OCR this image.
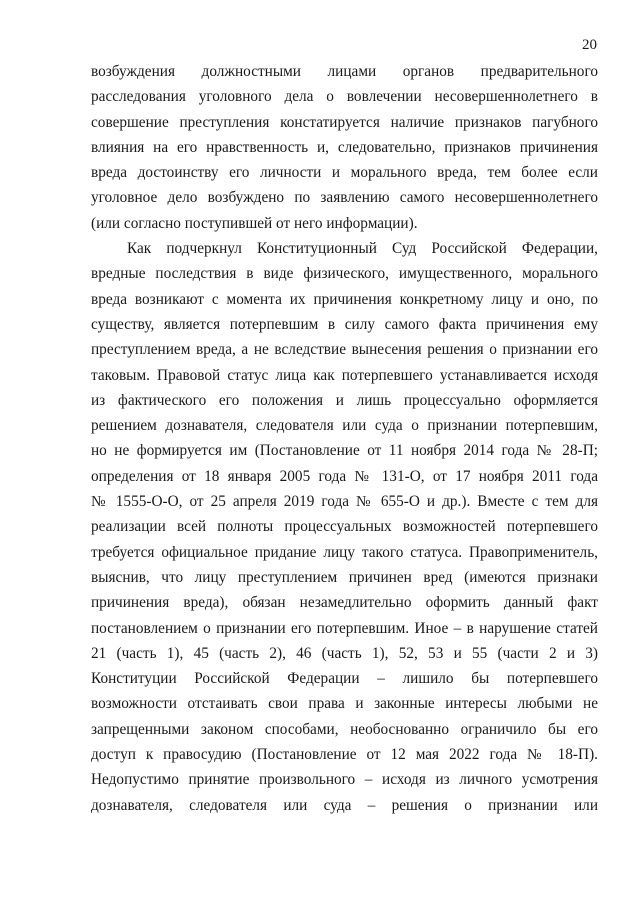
20

возбуждения должностными лицами органов предварительного
расследования уголовного дела о вовлечении несовершеннолетнего в
совершение преступления констатируется наличие признаков пагубного
влияния на его нравственность и, следовательно, признаков причинения
вреда достоинству его личности и морального вреда, тем более если
уголовное дело возбуждено по заявлению самого несовершеннолетнего
(или согласно поступившей от него информации).

Как подчеркнул Конституционный Суд Российской Федерации,
вредные последствия в виде физического, имущественного, морального
вреда возникают с момента их причинения конкретному лицу и оно, по
существу, является потерпевшим в силу самого факта причинения ему
преступлением вреда, а не вследствие вынесения решения о признании его
таковым. Правовой статус лица как потерпевшего устанавливается исходя
из фактического его положения и лишь процессуально оформляется
решением дознавателя, следователя или суда о признании потерпевшим,
но не формируется им (Постановление от 11 ноября 2014 года № 28-П;
определения от 18 января 2005 года № 131-О, от 17 ноября 2011 года
№ 1555-О-О, от 25 апреля 2019 года № 655-О и др.). Вместе с тем для
реализации всей полноты процессуальных возможностей потерпевшего
требуется официальное придание лицу такого статуса. Правоприменитель,
выяснив, что лицу преступлением причинен вред (имеются признаки
причинения вреда), обязан незамедлительно оформить данный факт
постановлением о признании его потерпевшим. Иное – в нарушение статей
21 (часть 1), 45 (часть 2), 46 (часть 1), 52, 53 и 55 (части 2 и 3)
Конституции Российской Федерации – лишило бы потерпевшего
возможности отстаивать свои права и законные интересы любыми не
запрещенными законом способами, необоснованно ограничило бы его
доступ к правосудию (Постановление от 12 мая 2022 года № 18-П).
Недопустимо принятие произвольного – исходя из личного усмотрения
дознавателя, следователя или суда – решения о признании или
